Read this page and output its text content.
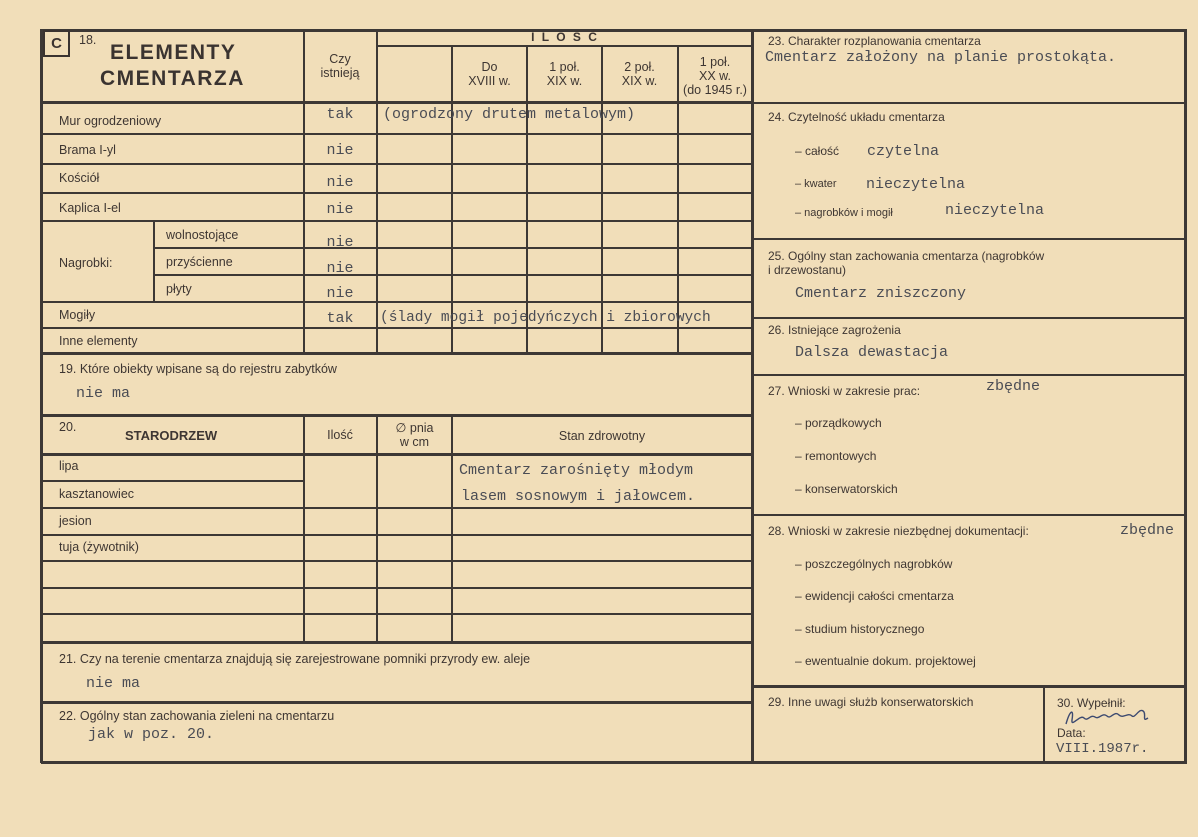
C	18.
ELEMENTY
CMENTARZA
Czy
istnieją
I L O Ś Ć
Do
XVIII w.
1 poł.
XIX w.
2 poł.
XIX w.
1 poł.
XX w.
(do 1945 r.)
Mur ogrodzeniowy	tak	(ogrodzony drutem metalowym)
Brama I-yl	nie
Kościół	nie
Kaplica I-el	nie
Nagrobki:
wolnostojące	nie
przyścienne	nie
płyty	nie
Mogiły	tak	(ślady mogił pojedyńczych i zbiorowych
Inne elementy
19. Które obiekty wpisane są do rejestru zabytków
nie ma
20.
STARODRZEW	Ilość	∅ pnia
w cm	Stan zdrowotny
lipa
kasztanowiec
jesion
tuja (żywotnik)
Cmentarz zarośnięty młodym
lasem sosnowym i jałowcem.
21. Czy na terenie cmentarza znajdują się zarejestrowane pomniki przyrody ew. aleje
nie ma
22. Ogólny stan zachowania zieleni na cmentarzu
jak w poz. 20.
23. Charakter rozplanowania cmentarza
Cmentarz założony na planie prostokąta.
24. Czytelność układu cmentarza
– całość czytelna
– kwater nieczytelna
– nagrobków i mogił	nieczytelna
25. Ogólny stan zachowania cmentarza (nagrobków
i drzewostanu)
Cmentarz zniszczony
26. Istniejące zagrożenia
Dalsza dewastacja
27. Wnioski w zakresie prac:	zbędne
– porządkowych
– remontowych
– konserwatorskich
28. Wnioski w zakresie niezbędnej dokumentacji:	zbędne
– poszczególnych nagrobków
– ewidencji całości cmentarza
– studium historycznego
– ewentualnie dokum. projektowej
29. Inne uwagi służb konserwatorskich	30. Wypełnił:
Data:
VIII.1987r.
